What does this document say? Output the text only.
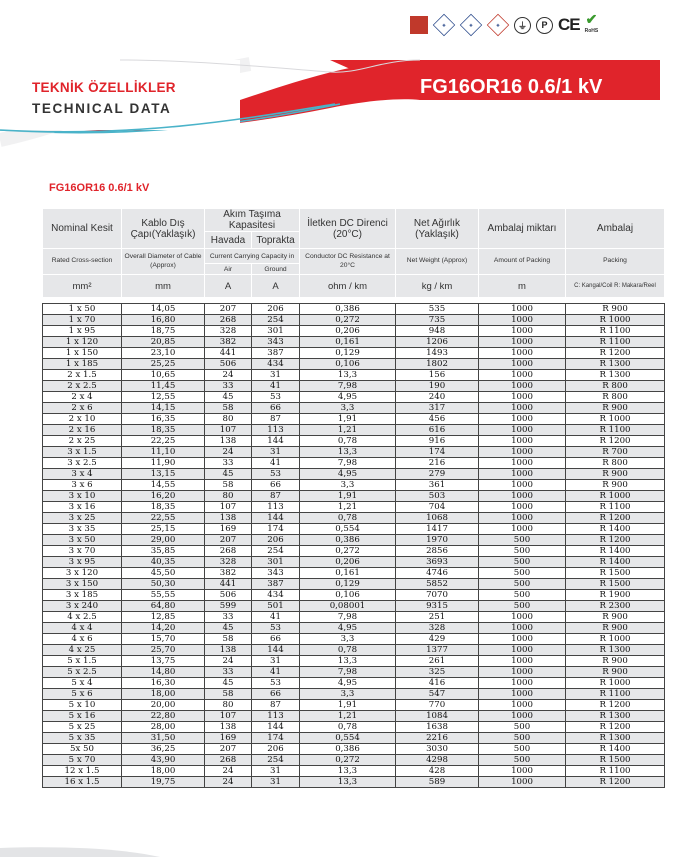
◈	◈	◈	⏚	P CE ✔
RoHS
TEKNİK ÖZELLİKLER
TECHNICAL DATA
FG16OR16 0.6/1 kV
FG16OR16 0.6/1 kV
Nominal Kesit	Kablo Dış Çapı(Yaklaşık)	Akım Taşıma Kapasitesi		İletken DC Direnci (20°C)	Net Ağırlık (Yaklaşık)	Ambalaj miktarı	Ambalaj
		Havada	Toprakta				
Rated Cross-section	Overall Diameter of Cable (Approx)	Current Carrying Capacity in		Conductor DC Resistance at 20°C	Net Weight (Approx)	Amount of Packing	Packing
		Air	Ground				
mm²	mm	A	A	ohm / km	kg / km	m	C: Kangal/Coil R: Makara/Reel

1 x 50	14,05	207	206	0,386	535	1000	R 900
1 x 70	16,80	268	254	0,272	735	1000	R 1000
1 x 95	18,75	328	301	0,206	948	1000	R 1100
1 x 120	20,85	382	343	0,161	1206	1000	R 1100
1 x 150	23,10	441	387	0,129	1493	1000	R 1200
1 x 185	25,25	506	434	0,106	1802	1000	R 1300
2 x 1.5	10,65	24	31	13,3	156	1000	R 1300
2 x 2.5	11,45	33	41	7,98	190	1000	R 800
2 x 4	12,55	45	53	4,95	240	1000	R 800
2 x 6	14,15	58	66	3,3	317	1000	R 900
2 x 10	16,35	80	87	1,91	456	1000	R 1000
2 x 16	18,35	107	113	1,21	616	1000	R 1100
2 x 25	22,25	138	144	0,78	916	1000	R 1200
3 x 1.5	11,10	24	31	13,3	174	1000	R 700
3 x 2.5	11,90	33	41	7,98	216	1000	R 800
3 x 4	13,15	45	53	4,95	279	1000	R 900
3 x 6	14,55	58	66	3,3	361	1000	R 900
3 x 10	16,20	80	87	1,91	503	1000	R 1000
3 x 16	18,35	107	113	1,21	704	1000	R 1100
3 x 25	22,55	138	144	0,78	1068	1000	R 1200
3 x 35	25,15	169	174	0,554	1417	1000	R 1400
3 x 50	29,00	207	206	0,386	1970	500	R 1200
3 x 70	35,85	268	254	0,272	2856	500	R 1400
3 x 95	40,35	328	301	0,206	3693	500	R 1400
3 x 120	45,50	382	343	0,161	4746	500	R 1500
3 x 150	50,30	441	387	0,129	5852	500	R 1500
3 x 185	55,55	506	434	0,106	7070	500	R 1900
3 x 240	64,80	599	501	0,08001	9315	500	R 2300
4 x 2.5	12,85	33	41	7,98	251	1000	R 900
4 x 4	14,20	45	53	4,95	328	1000	R 900
4 x 6	15,70	58	66	3,3	429	1000	R 1000
4 x 25	25,70	138	144	0,78	1377	1000	R 1300
5 x 1.5	13,75	24	31	13,3	261	1000	R 900
5 x 2.5	14,80	33	41	7,98	325	1000	R 900
5 x 4	16,30	45	53	4,95	416	1000	R 1000
5 x 6	18,00	58	66	3,3	547	1000	R 1100
5 x 10	20,00	80	87	1,91	770	1000	R 1200
5 x 16	22,80	107	113	1,21	1084	1000	R 1300
5 x 25	28,00	138	144	0,78	1638	500	R 1200
5 x 35	31,50	169	174	0,554	2216	500	R 1300
5x 50	36,25	207	206	0,386	3030	500	R 1400
5 x 70	43,90	268	254	0,272	4298	500	R 1500
12 x 1.5	18,00	24	31	13,3	428	1000	R 1100
16 x 1.5	19,75	24	31	13,3	589	1000	R 1200
